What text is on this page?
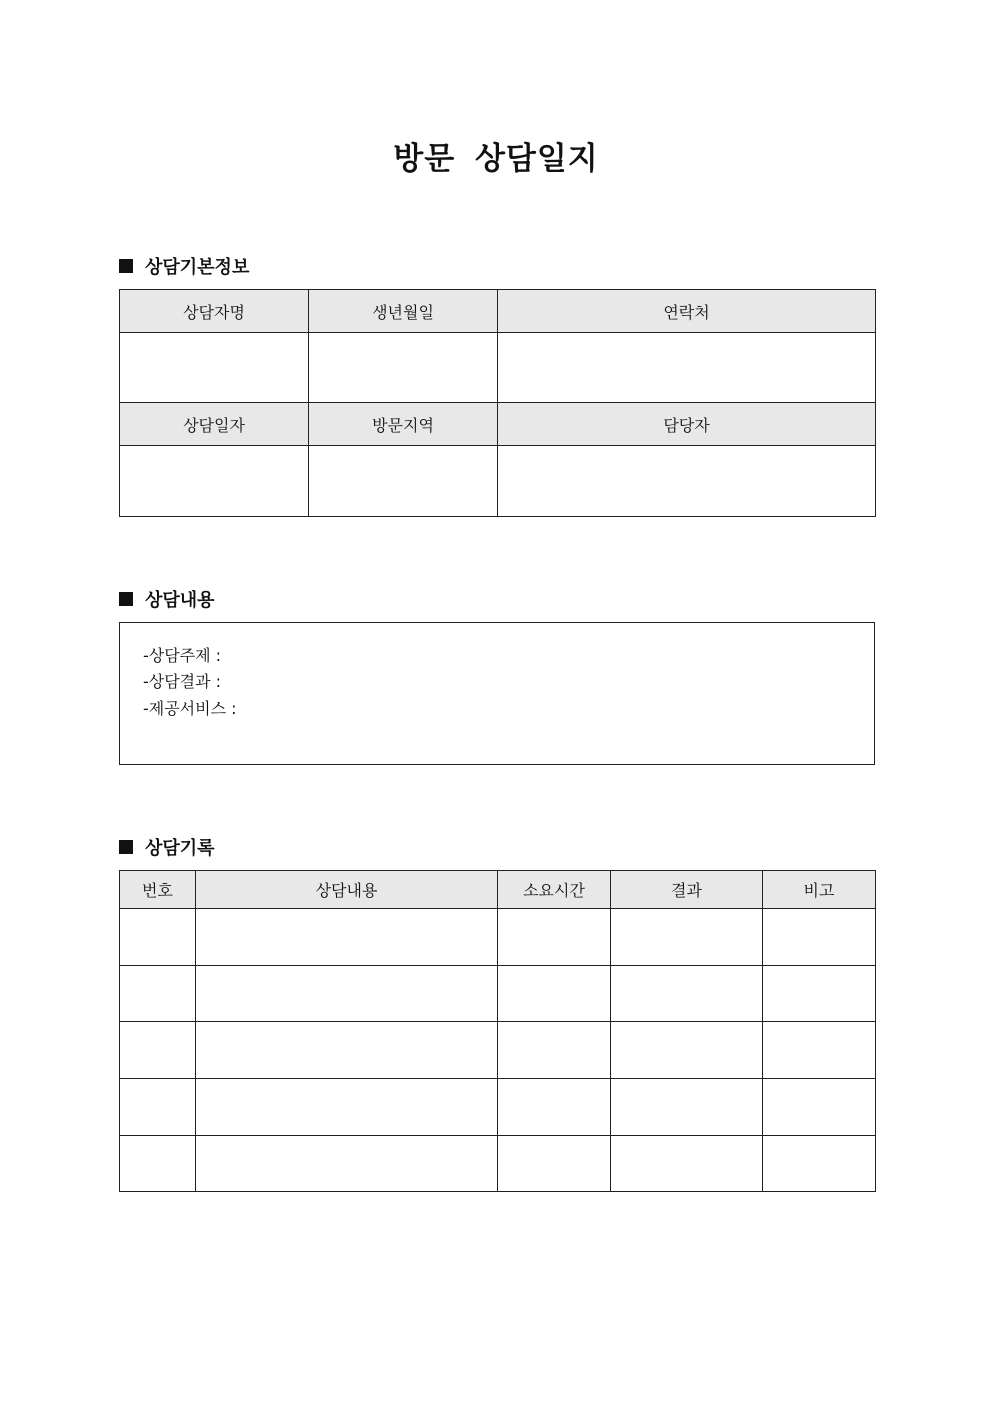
방문 상담일지
상담기본정보
상담자명	생년월일	연락처

상담일자	방문지역	담당자

상담내용
-상담주제 :
-상담결과 :
-제공서비스 :
상담기록
번호	상담내용	소요시간	결과	비고
